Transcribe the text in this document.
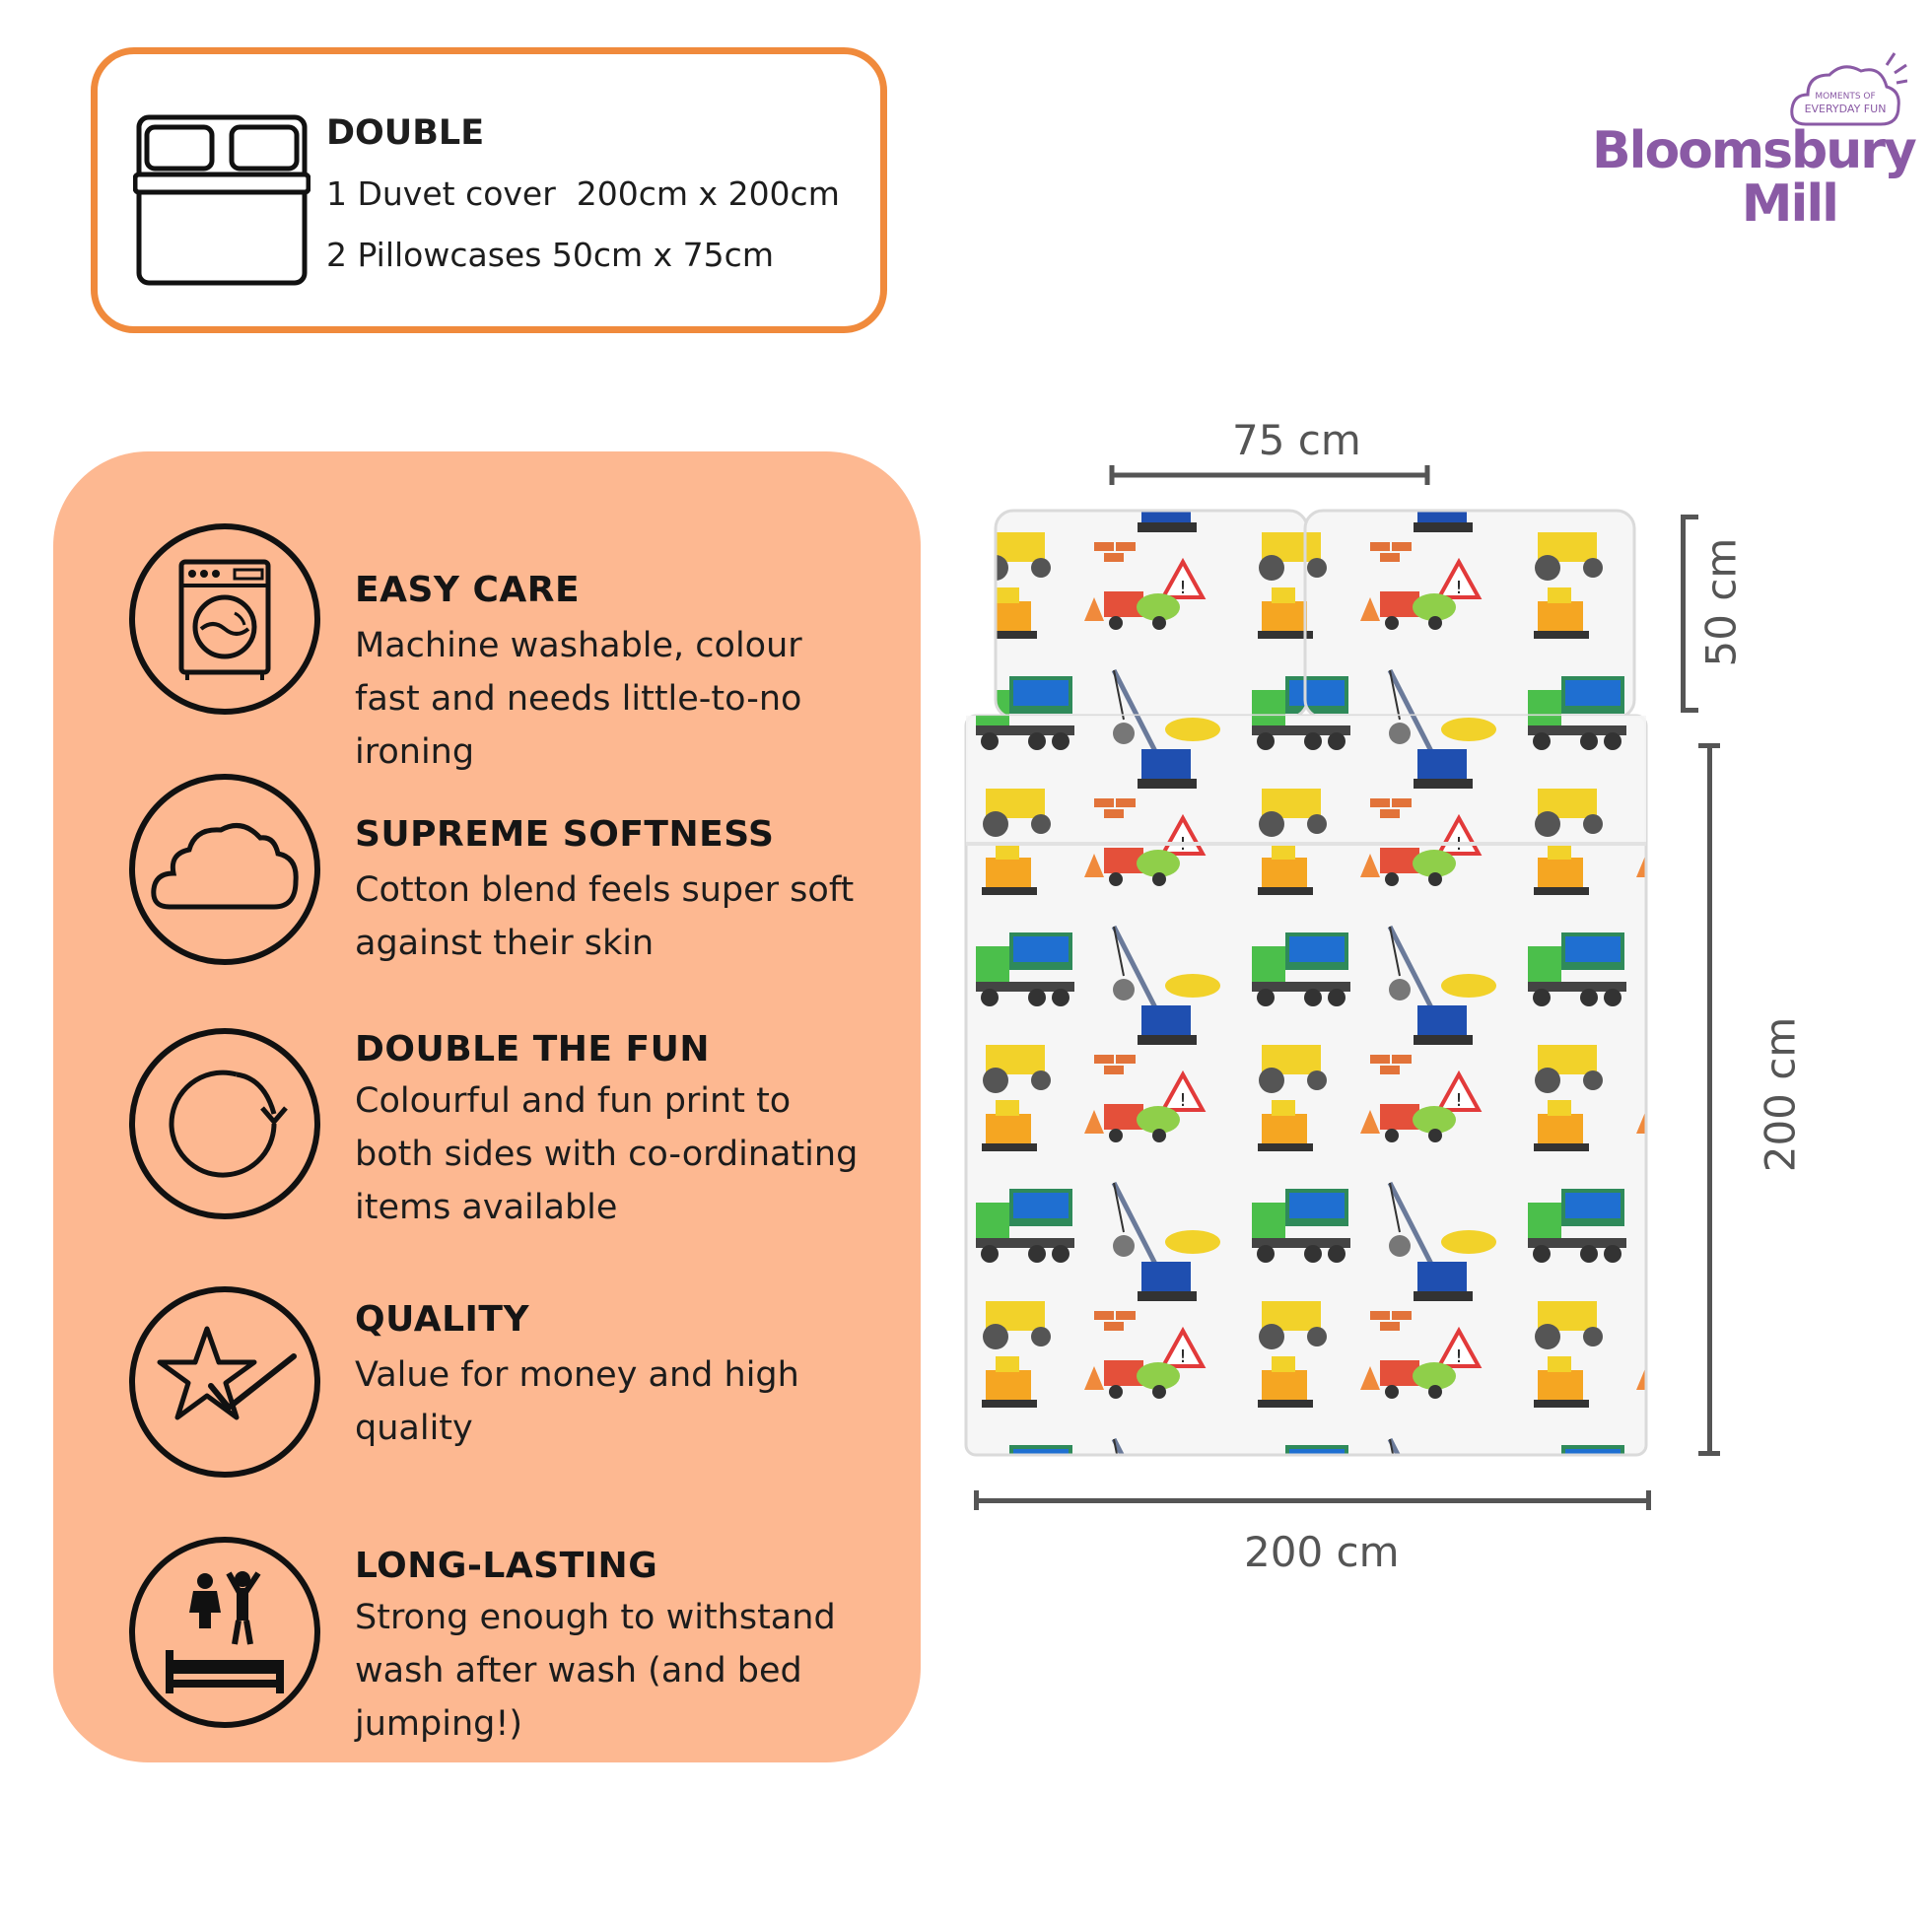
DOUBLE
1 Duvet cover  200cm x 200cm
2 Pillowcases 50cm x 75cm
MOMENTS OF
EVERYDAY FUN
Bloomsbury
Mill
EASY CARE
Machine washable, colour
fast and needs little-to-no
ironing
SUPREME SOFTNESS
Cotton blend feels super soft
against their skin
DOUBLE THE FUN
Colourful and fun print to
both sides with co-ordinating
items available
QUALITY
Value for money and high
quality
LONG-LASTING
Strong enough to withstand
wash after wash (and bed
jumping!)
75 cm
50 cm
200 cm
200 cm
